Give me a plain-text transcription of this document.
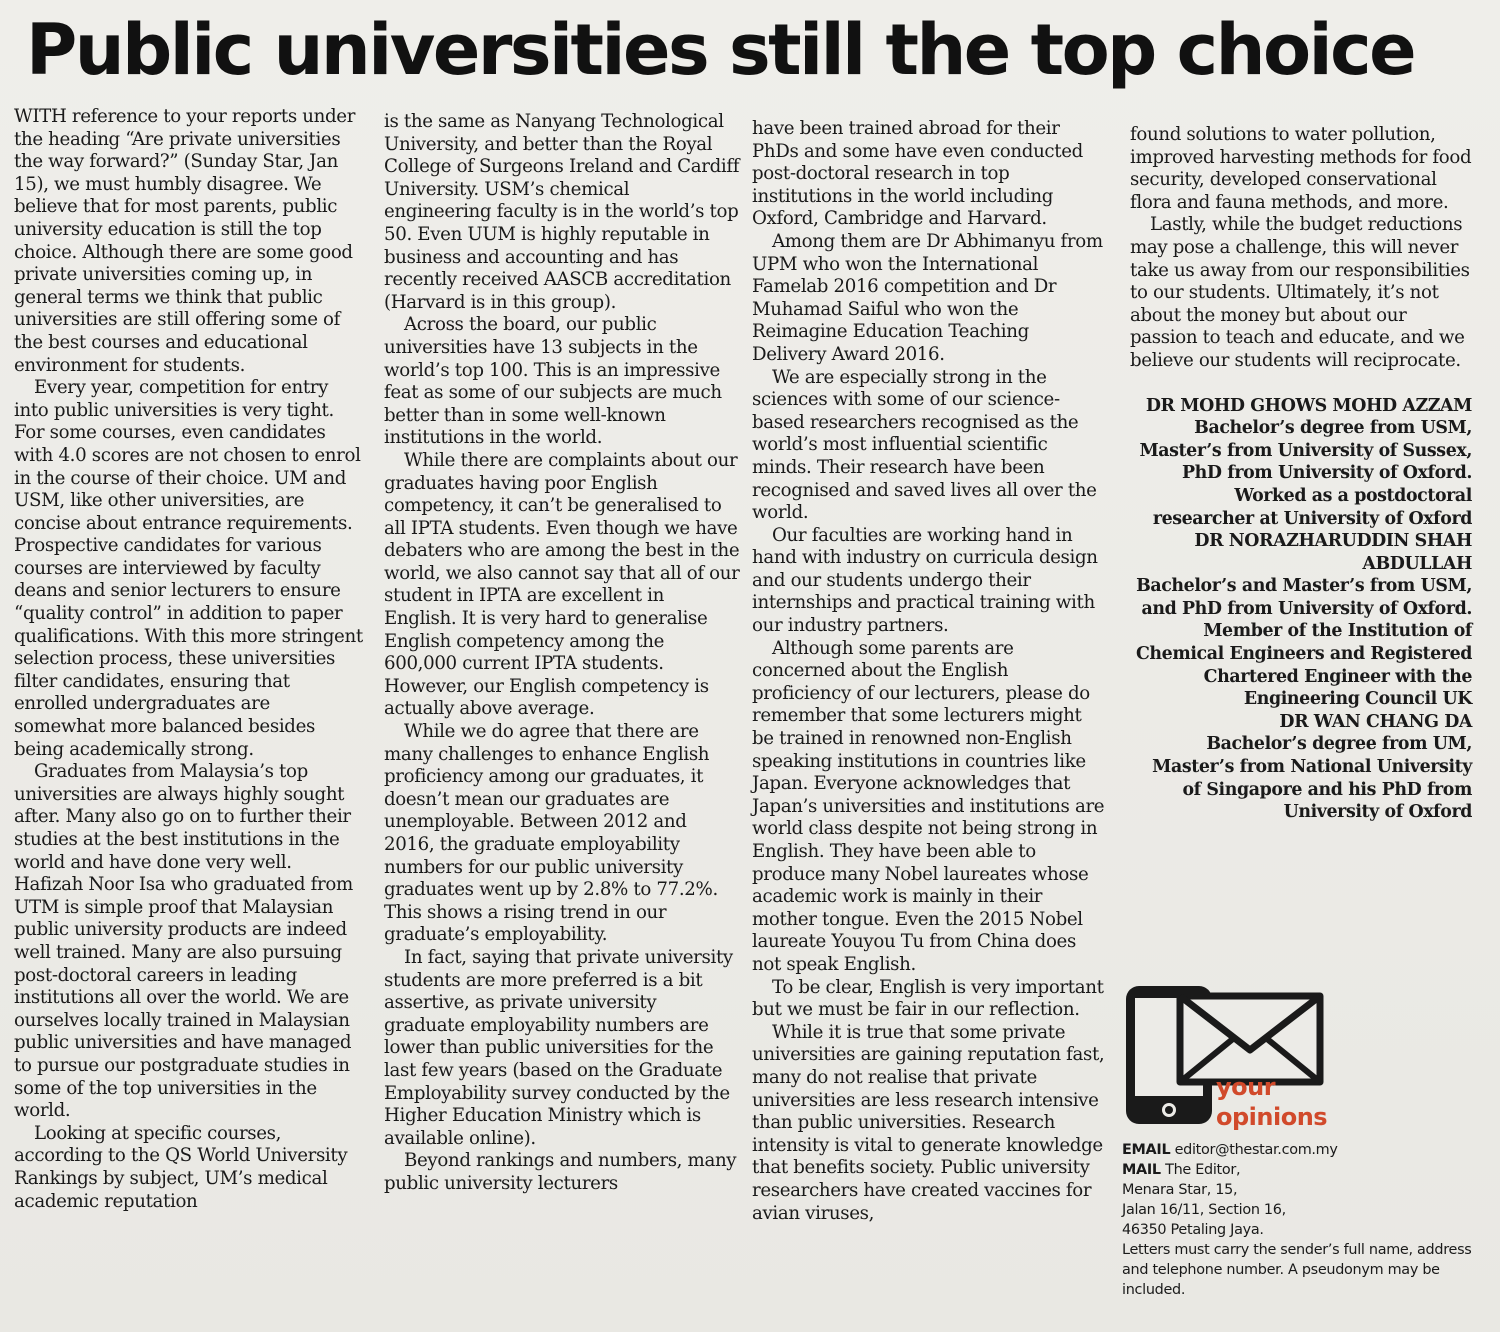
Public universities still the top choice

WITH reference to your reports under the heading “Are private universities the way forward?” (Sunday Star, Jan 15), we must humbly disagree. We believe that for most parents, public university education is still the top choice. Although there are some good private universities coming up, in general terms we think that public universities are still offering some of the best courses and educational environment for students.

Every year, competition for entry into public universities is very tight. For some courses, even candidates with 4.0 scores are not chosen to enrol in the course of their choice. UM and USM, like other universities, are concise about entrance requirements. Prospective candidates for various courses are interviewed by faculty deans and senior lecturers to ensure “quality control” in addition to paper qualifications. With this more stringent selection process, these universities filter candidates, ensuring that enrolled undergraduates are somewhat more balanced besides being academically strong.

Graduates from Malaysia’s top universities are always highly sought after. Many also go on to further their studies at the best institutions in the world and have done very well. Hafizah Noor Isa who graduated from UTM is simple proof that Malaysian public university products are indeed well trained. Many are also pursuing post-doctoral careers in leading institutions all over the world. We are ourselves locally trained in Malaysian public universities and have managed to pursue our postgraduate studies in some of the top universities in the world.

Looking at specific courses, according to the QS World University Rankings by subject, UM’s medical academic reputation

is the same as Nanyang Technological University, and better than the Royal College of Surgeons Ireland and Cardiff University. USM’s chemical engineering faculty is in the world’s top 50. Even UUM is highly reputable in business and accounting and has recently received AASCB accreditation (Harvard is in this group).

Across the board, our public universities have 13 subjects in the world’s top 100. This is an impressive feat as some of our subjects are much better than in some well-known institutions in the world.

While there are complaints about our graduates having poor English competency, it can’t be generalised to all IPTA students. Even though we have debaters who are among the best in the world, we also cannot say that all of our student in IPTA are excellent in English. It is very hard to generalise English competency among the 600,000 current IPTA students. However, our English competency is actually above average.

While we do agree that there are many challenges to enhance English proficiency among our graduates, it doesn’t mean our graduates are unemployable. Between 2012 and 2016, the graduate employability numbers for our public university graduates went up by 2.8% to 77.2%. This shows a rising trend in our graduate’s employability.

In fact, saying that private university students are more preferred is a bit assertive, as private university graduate employability numbers are lower than public universities for the last few years (based on the Graduate Employability survey conducted by the Higher Education Ministry which is available online).

Beyond rankings and numbers, many public university lecturers

have been trained abroad for their PhDs and some have even conducted post-doctoral research in top institutions in the world including Oxford, Cambridge and Harvard.

Among them are Dr Abhimanyu from UPM who won the International Famelab 2016 competition and Dr Muhamad Saiful who won the Reimagine Education Teaching Delivery Award 2016.

We are especially strong in the sciences with some of our science-based researchers recognised as the world’s most influential scientific minds. Their research have been recognised and saved lives all over the world.

Our faculties are working hand in hand with industry on curricula design and our students undergo their internships and practical training with our industry partners.

Although some parents are concerned about the English proficiency of our lecturers, please do remember that some lecturers might be trained in renowned non-English speaking institutions in countries like Japan. Everyone acknowledges that Japan’s universities and institutions are world class despite not being strong in English. They have been able to produce many Nobel laureates whose academic work is mainly in their mother tongue. Even the 2015 Nobel laureate Youyou Tu from China does not speak English.

To be clear, English is very important but we must be fair in our reflection.

While it is true that some private universities are gaining reputation fast, many do not realise that private universities are less research intensive than public universities. Research intensity is vital to generate knowledge that benefits society. Public university researchers have created vaccines for avian viruses,

found solutions to water pollution, improved harvesting methods for food security, developed conservational flora and fauna methods, and more.

Lastly, while the budget reductions may pose a challenge, this will never take us away from our responsibilities to our students. Ultimately, it’s not about the money but about our passion to teach and educate, and we believe our students will reciprocate.

DR MOHD GHOWS MOHD AZZAM
Bachelor’s degree from USM, Master’s from University of Sussex, PhD from University of Oxford. Worked as a postdoctoral researcher at University of Oxford
DR NORAZHARUDDIN SHAH ABDULLAH
Bachelor’s and Master’s from USM, and PhD from University of Oxford. Member of the Institution of Chemical Engineers and Registered Chartered Engineer with the Engineering Council UK
DR WAN CHANG DA
Bachelor’s degree from UM, Master’s from National University of Singapore and his PhD from University of Oxford
your
opinions
EMAIL editor@thestar.com.my
MAIL The Editor,
Menara Star, 15,
Jalan 16/11, Section 16,
46350 Petaling Jaya.
Letters must carry the sender’s full name, address and telephone number. A pseudonym may be included.
